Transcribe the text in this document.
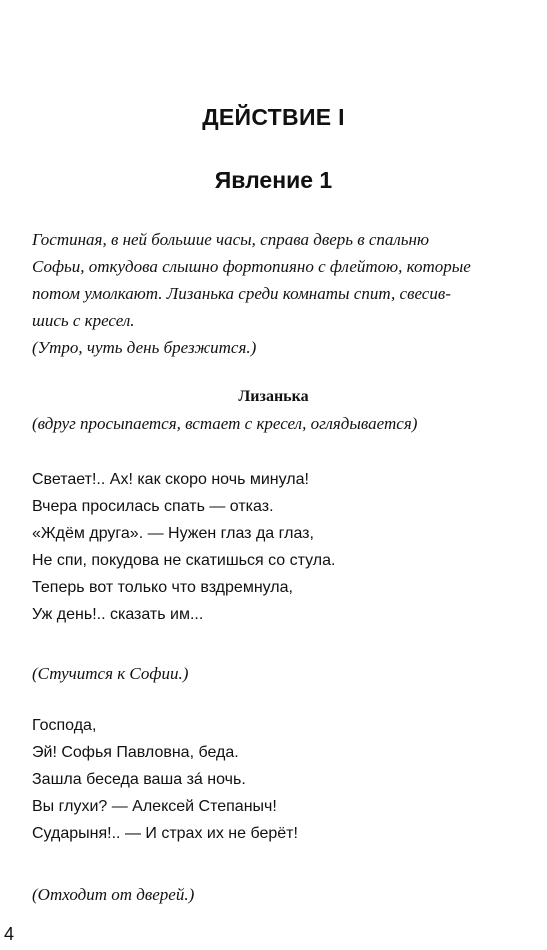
ДЕЙСТВИЕ I
Явление 1
Гостиная, в ней большие часы, справа дверь в спальню
Софьи, откудова слышно фортопияно с флейтою, которые
потом умолкают. Лизанька среди комнаты спит, свесив-
шись с кресел.
(Утро, чуть день брезжится.)
Лизанька
(вдруг просыпается, встает с кресел, оглядывается)
Светает!.. Ах! как скоро ночь минула!
Вчера просилась спать — отказ.
«Ждём друга». — Нужен глаз да глаз,
Не спи, покудова не скатишься со стула.
Теперь вот только что вздремнула,
Уж день!.. сказать им...
(Стучится к Софии.)
Господа,
Эй! Софья Павловна, беда.
Зашла беседа ваша зá ночь.
Вы глухи? — Алексей Степаныч!
Сударыня!.. — И страх их не берёт!
(Отходит от дверей.)
4
